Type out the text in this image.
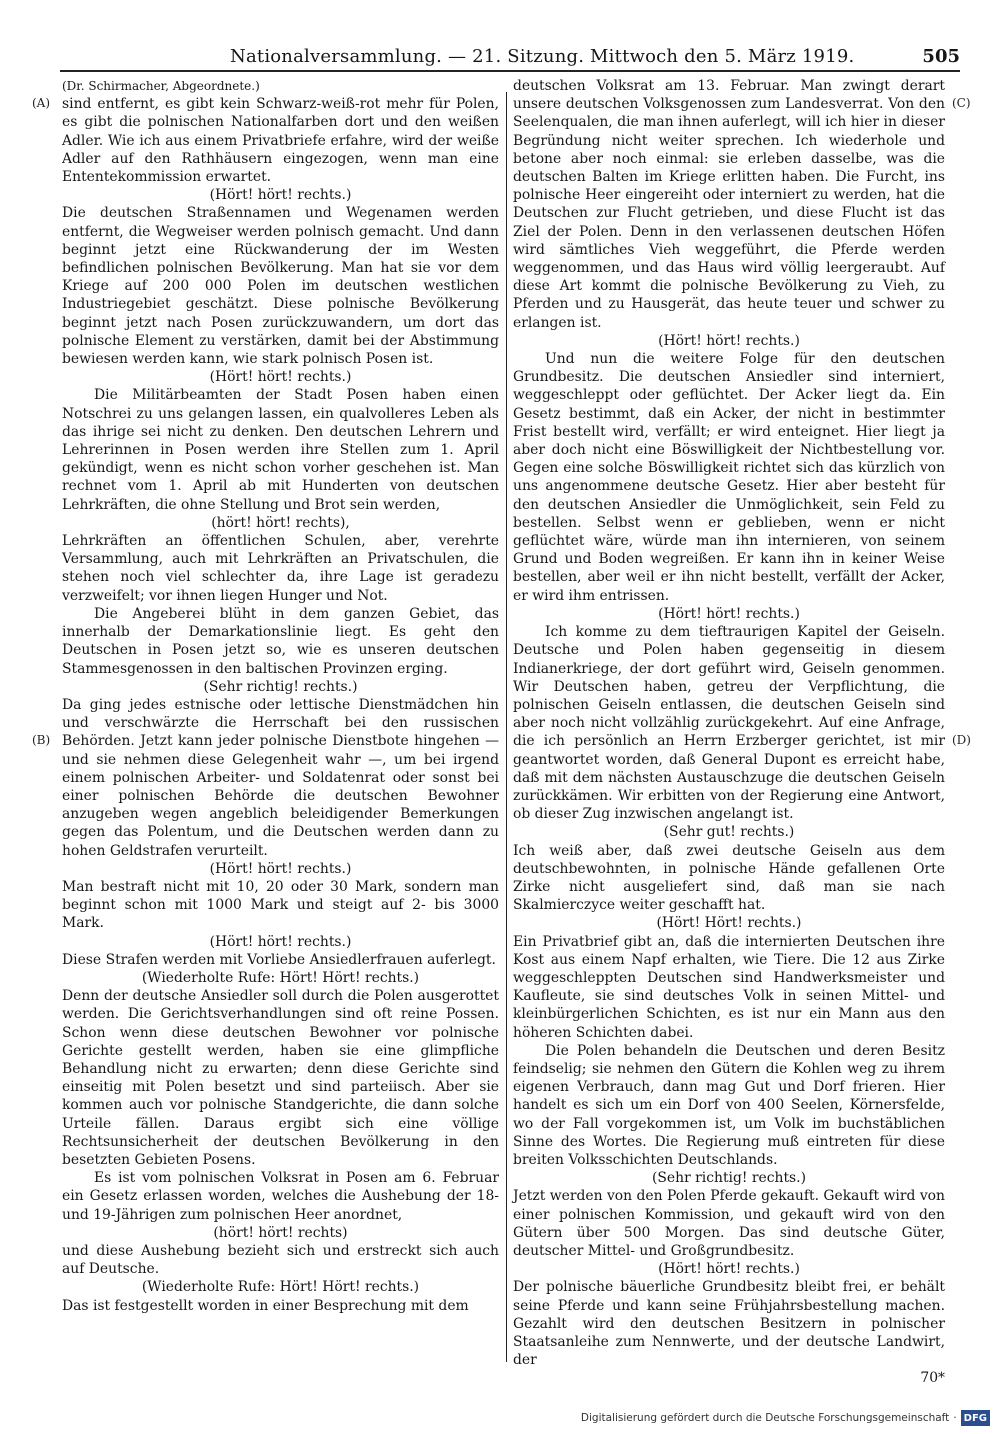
Nationalversammlung. — 21. Sitzung. Mittwoch den 5. März 1919.	505
(A)
(B)
(C)
(D)

(Dr. Schirmacher, Abgeordnete.)

sind entfernt, es gibt kein Schwarz-weiß-rot mehr für Polen, es gibt die polnischen Nationalfarben dort und den weißen Adler. Wie ich aus einem Privatbriefe erfahre, wird der weiße Adler auf den Rathhäusern eingezogen, wenn man eine Ententekommission erwartet.

(Hört! hört! rechts.)

Die deutschen Straßennamen und Wegenamen werden entfernt, die Wegweiser werden polnisch gemacht. Und dann beginnt jetzt eine Rückwanderung der im Westen befindlichen polnischen Bevölkerung. Man hat sie vor dem Kriege auf 200 000 Polen im deutschen westlichen Industriegebiet geschätzt. Diese polnische Bevölkerung beginnt jetzt nach Posen zurückzuwandern, um dort das polnische Element zu verstärken, damit bei der Abstimmung bewiesen werden kann, wie stark polnisch Posen ist.

(Hört! hört! rechts.)

Die Militärbeamten der Stadt Posen haben einen Notschrei zu uns gelangen lassen, ein qualvolleres Leben als das ihrige sei nicht zu denken. Den deutschen Lehrern und Lehrerinnen in Posen werden ihre Stellen zum 1. April gekündigt, wenn es nicht schon vorher geschehen ist. Man rechnet vom 1. April ab mit Hunderten von deutschen Lehrkräften, die ohne Stellung und Brot sein werden,

(hört! hört! rechts),

Lehrkräften an öffentlichen Schulen, aber, verehrte Versammlung, auch mit Lehrkräften an Privatschulen, die stehen noch viel schlechter da, ihre Lage ist geradezu verzweifelt; vor ihnen liegen Hunger und Not.

Die Angeberei blüht in dem ganzen Gebiet, das innerhalb der Demarkationslinie liegt. Es geht den Deutschen in Posen jetzt so, wie es unseren deutschen Stammesgenossen in den baltischen Provinzen erging.

(Sehr richtig! rechts.)

Da ging jedes estnische oder lettische Dienstmädchen hin und verschwärzte die Herrschaft bei den russischen Behörden. Jetzt kann jeder polnische Dienstbote hingehen — und sie nehmen diese Gelegenheit wahr —, um bei irgend einem polnischen Arbeiter- und Soldatenrat oder sonst bei einer polnischen Behörde die deutschen Bewohner anzugeben wegen angeblich beleidigender Bemerkungen gegen das Polentum, und die Deutschen werden dann zu hohen Geldstrafen verurteilt.

(Hört! hört! rechts.)

Man bestraft nicht mit 10, 20 oder 30 Mark, sondern man beginnt schon mit 1000 Mark und steigt auf 2- bis 3000 Mark.

(Hört! hört! rechts.)

Diese Strafen werden mit Vorliebe Ansiedlerfrauen auferlegt.

(Wiederholte Rufe: Hört! Hört! rechts.)

Denn der deutsche Ansiedler soll durch die Polen ausgerottet werden. Die Gerichtsverhandlungen sind oft reine Possen. Schon wenn diese deutschen Bewohner vor polnische Gerichte gestellt werden, haben sie eine glimpfliche Behandlung nicht zu erwarten; denn diese Gerichte sind einseitig mit Polen besetzt und sind parteiisch. Aber sie kommen auch vor polnische Standgerichte, die dann solche Urteile fällen. Daraus ergibt sich eine völlige Rechtsunsicherheit der deutschen Bevölkerung in den besetzten Gebieten Posens.

Es ist vom polnischen Volksrat in Posen am 6. Februar ein Gesetz erlassen worden, welches die Aushebung der 18- und 19-Jährigen zum polnischen Heer anordnet,

(hört! hört! rechts)

und diese Aushebung bezieht sich und erstreckt sich auch auf Deutsche.

(Wiederholte Rufe: Hört! Hört! rechts.)

Das ist festgestellt worden in einer Besprechung mit dem

deutschen Volksrat am 13. Februar. Man zwingt derart unsere deutschen Volksgenossen zum Landesverrat. Von den Seelenqualen, die man ihnen auferlegt, will ich hier in dieser Begründung nicht weiter sprechen. Ich wiederhole und betone aber noch einmal: sie erleben dasselbe, was die deutschen Balten im Kriege erlitten haben. Die Furcht, ins polnische Heer eingereiht oder interniert zu werden, hat die Deutschen zur Flucht getrieben, und diese Flucht ist das Ziel der Polen. Denn in den verlassenen deutschen Höfen wird sämtliches Vieh weggeführt, die Pferde werden weggenommen, und das Haus wird völlig leergeraubt. Auf diese Art kommt die polnische Bevölkerung zu Vieh, zu Pferden und zu Hausgerät, das heute teuer und schwer zu erlangen ist.

(Hört! hört! rechts.)

Und nun die weitere Folge für den deutschen Grundbesitz. Die deutschen Ansiedler sind interniert, weggeschleppt oder geflüchtet. Der Acker liegt da. Ein Gesetz bestimmt, daß ein Acker, der nicht in bestimmter Frist bestellt wird, verfällt; er wird enteignet. Hier liegt ja aber doch nicht eine Böswilligkeit der Nichtbestellung vor. Gegen eine solche Böswilligkeit richtet sich das kürzlich von uns angenommene deutsche Gesetz. Hier aber besteht für den deutschen Ansiedler die Unmöglichkeit, sein Feld zu bestellen. Selbst wenn er geblieben, wenn er nicht geflüchtet wäre, würde man ihn internieren, von seinem Grund und Boden wegreißen. Er kann ihn in keiner Weise bestellen, aber weil er ihn nicht bestellt, verfällt der Acker, er wird ihm entrissen.

(Hört! hört! rechts.)

Ich komme zu dem tieftraurigen Kapitel der Geiseln. Deutsche und Polen haben gegenseitig in diesem Indianerkriege, der dort geführt wird, Geiseln genommen. Wir Deutschen haben, getreu der Verpflichtung, die polnischen Geiseln entlassen, die deutschen Geiseln sind aber noch nicht vollzählig zurückgekehrt. Auf eine Anfrage, die ich persönlich an Herrn Erzberger gerichtet, ist mir geantwortet worden, daß General Dupont es erreicht habe, daß mit dem nächsten Austauschzuge die deutschen Geiseln zurückkämen. Wir erbitten von der Regierung eine Antwort, ob dieser Zug inzwischen angelangt ist.

(Sehr gut! rechts.)

Ich weiß aber, daß zwei deutsche Geiseln aus dem deutschbewohnten, in polnische Hände gefallenen Orte Zirke nicht ausgeliefert sind, daß man sie nach Skalmierczyce weiter geschafft hat.

(Hört! Hört! rechts.)

Ein Privatbrief gibt an, daß die internierten Deutschen ihre Kost aus einem Napf erhalten, wie Tiere. Die 12 aus Zirke weggeschleppten Deutschen sind Handwerksmeister und Kaufleute, sie sind deutsches Volk in seinen Mittel- und kleinbürgerlichen Schichten, es ist nur ein Mann aus den höheren Schichten dabei.

Die Polen behandeln die Deutschen und deren Besitz feindselig; sie nehmen den Gütern die Kohlen weg zu ihrem eigenen Verbrauch, dann mag Gut und Dorf frieren. Hier handelt es sich um ein Dorf von 400 Seelen, Körnersfelde, wo der Fall vorgekommen ist, um Volk im buchstäblichen Sinne des Wortes. Die Regierung muß eintreten für diese breiten Volksschichten Deutschlands.

(Sehr richtig! rechts.)

Jetzt werden von den Polen Pferde gekauft. Gekauft wird von einer polnischen Kommission, und gekauft wird von den Gütern über 500 Morgen. Das sind deutsche Güter, deutscher Mittel- und Großgrundbesitz.

(Hört! hört! rechts.)

Der polnische bäuerliche Grundbesitz bleibt frei, er behält seine Pferde und kann seine Frühjahrsbestellung machen. Gezahlt wird den deutschen Besitzern in polnischer Staatsanleihe zum Nennwerte, und der deutsche Landwirt, der

70*

Digitalisierung gefördert durch die Deutsche Forschungsgemeinschaft · DFG
